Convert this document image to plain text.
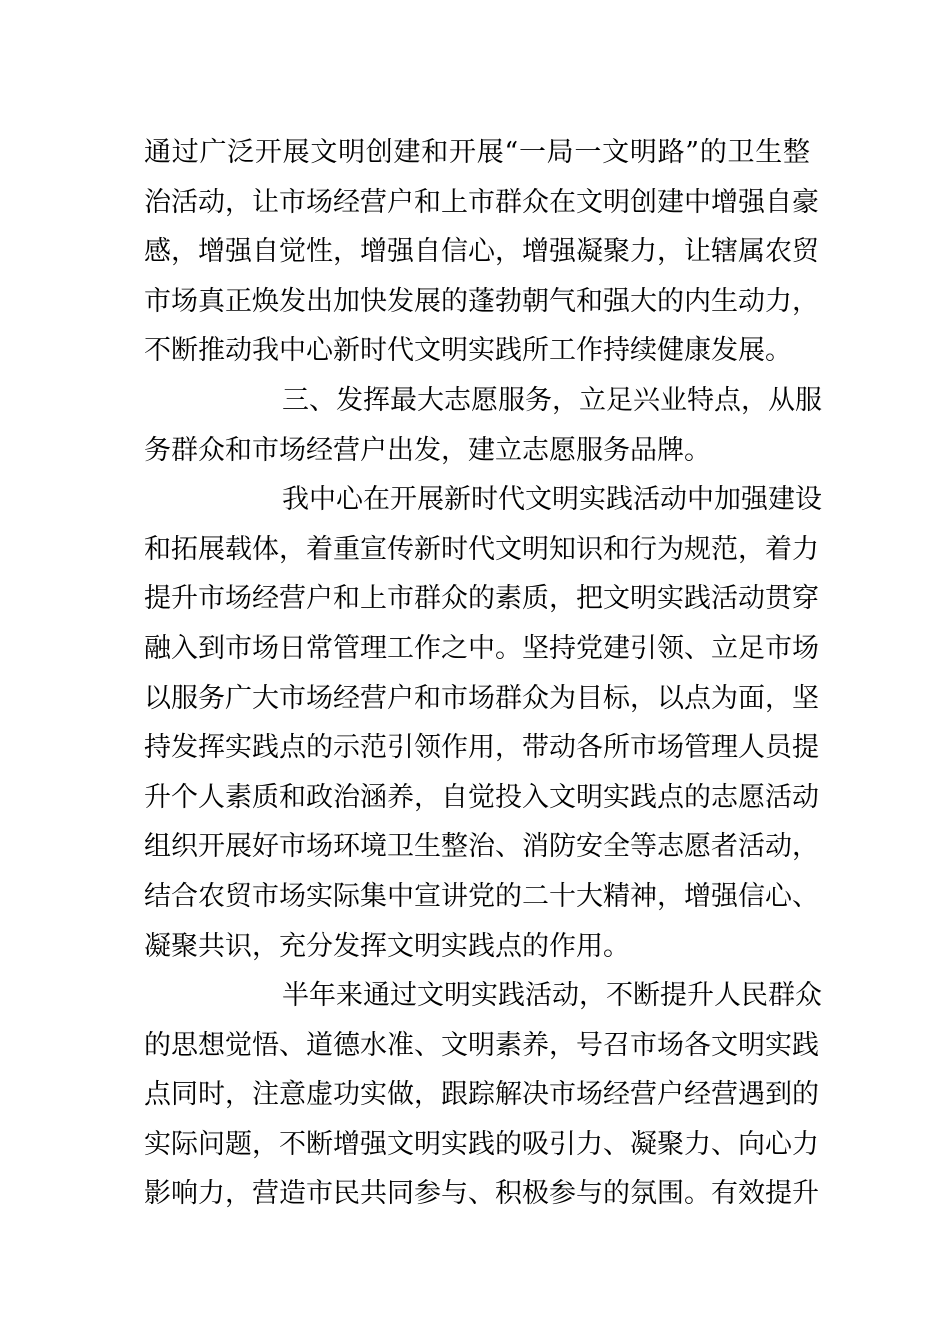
通过广泛开展文明创建和开展“一局一文明路”的卫生整
治活动，让市场经营户和上市群众在文明创建中增强自豪
感，增强自觉性，增强自信心，增强凝聚力，让辖属农贸
市场真正焕发出加快发展的蓬勃朝气和强大的内生动力，
不断推动我中心新时代文明实践所工作持续健康发展。
三、发挥最大志愿服务，立足兴业特点，从服
务群众和市场经营户出发，建立志愿服务品牌。
我中心在开展新时代文明实践活动中加强建设
和拓展载体，着重宣传新时代文明知识和行为规范，着力
提升市场经营户和上市群众的素质，把文明实践活动贯穿
融入到市场日常管理工作之中。坚持党建引领、立足市场
以服务广大市场经营户和市场群众为目标，以点为面，坚
持发挥实践点的示范引领作用，带动各所市场管理人员提
升个人素质和政治涵养，自觉投入文明实践点的志愿活动
组织开展好市场环境卫生整治、消防安全等志愿者活动，
结合农贸市场实际集中宣讲党的二十大精神，增强信心、
凝聚共识，充分发挥文明实践点的作用。
半年来通过文明实践活动，不断提升人民群众
的思想觉悟、道德水准、文明素养，号召市场各文明实践
点同时，注意虚功实做，跟踪解决市场经营户经营遇到的
实际问题，不断增强文明实践的吸引力、凝聚力、向心力
影响力，营造市民共同参与、积极参与的氛围。有效提升
